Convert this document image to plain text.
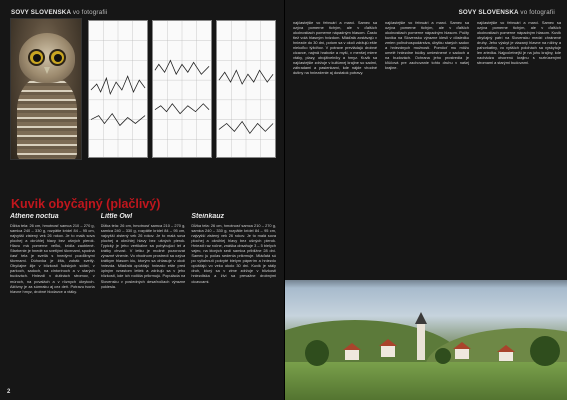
SOVY SLOVENSKA vo fotografii
Kuvik obyčajný (plačlivý)
Athene noctua
Dĺžka tela: 26 cm, hmotnosť samca 210 – 270 g, samica 240 – 330 g, rozpätie krídel 84 – 95 cm, najvyšší zistený vek 26 rokov. Je to malá sova plochej a okrúhlej hlavy bez ušných pierok. Hlavu má pomerne veľkú, krídla zaoblené. Sfarbenie je hnedé so svetlými škvrnami, spodná časť tela je svetlá s hnedými pozdĺžnymi škvrnami. Dúhovka je žltá, zobák svetlý. Obyčajne žije v blízkosti ľudských sídiel, v parkoch, sadoch, na cintorínoch a v starých budovách. Hniezdi v dutinách stromov, v múroch, na povalách a v rôznych úkrytoch. Aktívny je za súmraku aj cez deň. Potravu tvoria hlavne hmyz, drobné hlodavce a vtáky.
Little Owl
Dĺžka tela: 26 cm, hmotnosť samca 210 – 270 g, samica 240 – 330 g, rozpätie krídel 84 – 95 cm, najvyšší zistený vek 26 rokov. Je to malá sova plochej a okrúhlej hlavy bez ušných pierok. Typický je jeho vertikálne sa pohybujúci let a krátky chvost. V letku je možné pozorovať výrazné vlnenie. Vo vhodnom prostredí sa ozýva krátkym hlasom kiu, ktorým sa ohlasuje v okolí hniezda. Mláďatá opúšťajú hniezdo ešte pred úplným vzrastom letiek a zdržujú sa v jeho blízkosti, kde ich rodičia prikrmujú. Populácia na Slovensku v posledných desaťročiach výrazne poklesla.
Steinkauz
Dĺžka tela: 26 cm, hmotnosť samca 210 – 270 g, samica 240 – 330 g, rozpätie krídel 84 – 95 cm, najvyšší zistený vek 26 rokov. Je to malá sova plochej a okrúhlej hlavy bez ušných pierok. Hniezdi raz ročne, znáška obsahuje 3 – 5 bielych vajec, na ktorých sedí samica približne 28 dní. Samec ju počas sedenia prikrmuje. Mláďatá sú po vyliahnutí pokryté bielym páperím a hniezdo opúšťajú vo veku okolo 30 dní. Kuvik je stály druh, ktorý sa v zime zdržuje v blízkosti hniezdiska a živí sa prevažne drobnými cicavcami.
2
SOVY SLOVENSKA vo fotografii
najčastejšie vo februári a marci. Samec sa ozýva pomerne tichým, ale v ďalších okolnostiach pomerne nápadným hlasom. Často tiež volá hlasným hvizdom. Mláďatá zostávajú v hniezde do 30 dní, potom sa v okolí zdržujú ešte niekoľko týždňov. V potrave prevládajú drobné cicavce, najmä hraboše a myši, v menšej miere vtáky, plazy, obojživelníky a hmyz. Kuvik sa najčastejšie zdržuje v kultúrnej krajine so sadmi, záhradami a pasienkami, kde nájde vhodné dutiny na hniezdenie aj dostatok potravy.
najčastejšie vo februári a marci. Samec sa ozýva pomerne tichým, ale v ďalších okolnostiach pomerne nápadným hlasom. Počty kuvika na Slovensku výrazne klesli v dôsledku zmien poľnohospodárstva, úbytku starých sadov a hniezdnych možností. Pomôcť mu môžu umelé hniezdne búdky umiestnené v sadoch a na budovách. Ochrana jeho prostredia je kľúčová pre zachovanie tohto druhu v našej krajine.
najčastejšie vo februári a marci. Samec sa ozýva pomerne tichým, ale v ďalších okolnostiach pomerne nápadným hlasom. Kuvik obyčajný patrí na Slovensku medzi chránené druhy. Jeho výskyt je viazaný hlavne na nížiny a pahorkatiny, vo vyšších polohách sa vyskytuje len zriedka. Najpočetnejší je na juhu krajiny, kde nachádza otvorenú krajinu s roztrúsenými stromami a starými budovami.
